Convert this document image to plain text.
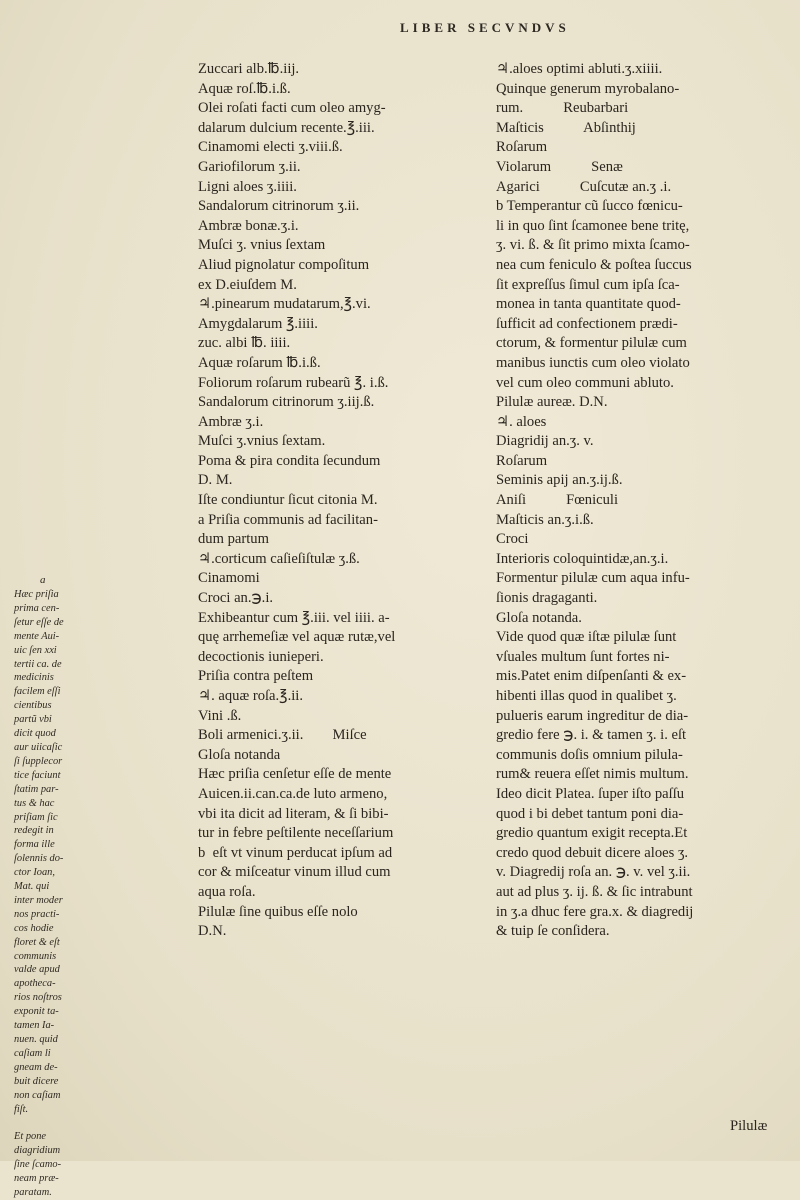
LIBER SECVNDVS
a
Hæc priſia
prima cen-
ſetur eſſe de
mente Aui-
uic ſen xxi
tertii ca. de
medicinis
facilem eſſi
cientibus
partũ vbi
dicit quod
aur uiicaſic
ſi ſupplecor
tice faciunt
ſtatim par-
tus & hac
priſiam ſic
redegit in
forma ille
ſolennis do-
ctor Ioan,
Mat. qui
inter moder
nos practi-
cos hodie
floret & eſt
communis
valde apud
apotheca-
rios noſtros
exponit ta-
tamen Ia-
nuen. quid
caſiam li
gneam de-
buit dicere
non caſiam
fiſt.

Et pone
diagridium
ſine ſcamo-
neam præ-
paratam.
Zuccari alb.℔.iij.
Aquæ roſ.℔.i.ß.
Olei roſati facti cum oleo amyg-
dalarum dulcium recente.℥.iii.
Cinamomi electi ʒ.viii.ß.
Gariofilorum ʒ.ii.
Ligni aloes ʒ.iiii.
Sandalorum citrinorum ʒ.ii.
Ambræ bonæ.ʒ.i.
Muſci ʒ. vnius ſextam
Aliud pignolatur compoſitum
ex D.eiuſdem M.
♃.pinearum mudatarum,℥.vi.
Amygdalarum ℥.iiii.
zuc. albi ℔. iiii.
Aquæ roſarum ℔.i.ß.
Foliorum roſarum rubearũ ℥. i.ß.
Sandalorum citrinorum ʒ.iij.ß.
Ambræ ʒ.i.
Muſci ʒ.vnius ſextam.
Poma & pira condita ſecundum
D. M.
Iſte condiuntur ſicut citonia M.
a Priſia communis ad facilitan-
dum partum
♃.corticum caſieſiſtulæ ʒ.ß.
Cinamomi
Croci an.℈.i.
Exhibeantur cum ℥.iii. vel iiii. a-
quę arrhemeſiæ vel aquæ rutæ,vel
decoctionis iunieperi.
Priſia contra peſtem
♃. aquæ roſa.℥.ii.
Vini .ß.
Boli armenici.ʒ.ii.        Miſce
Gloſa notanda
Hæc priſia cenſetur eſſe de mente
Auicen.ii.can.ca.de luto armeno,
vbi ita dicit ad literam, & ſi bibi-
tur in febre peſtilente neceſſarium
b  eſt vt vinum perducat ipſum ad
cor & miſceatur vinum illud cum
aqua roſa.
Pilulæ ſine quibus eſſe nolo
D.N.
♃.aloes optimi abluti.ʒ.xiiii.
Quinque generum myrobalano-
rum.           Reubarbari
Maſticis           Abſinthij
Roſarum
Violarum           Senæ
Agarici           Cuſcutæ an.ʒ .i.
b Temperantur cũ ſucco fœnicu-
li in quo ſint ſcamonee bene tritę,
ʒ. vi. ß. & ſit primo mixta ſcamo-
nea cum feniculo & poſtea ſuccus
ſit expreſſus ſimul cum ipſa ſca-
monea in tanta quantitate quod-
ſufficit ad confectionem prædi-
ctorum, & formentur pilulæ cum
manibus iunctis cum oleo violato
vel cum oleo communi abluto.
Pilulæ aureæ. D.N.
♃. aloes
Diagridij an.ʒ. v.
Roſarum
Seminis apij an.ʒ.ij.ß.
Aniſi           Fœniculi
Maſticis an.ʒ.i.ß.
Croci
Interioris coloquintidæ,an.ʒ.i.
Formentur pilulæ cum aqua infu-
ſionis dragaganti.
Gloſa notanda.
Vide quod quæ iſtæ pilulæ ſunt
vſuales multum ſunt fortes ni-
mis.Patet enim diſpenſanti & ex-
hibenti illas quod in qualibet ʒ.
pulueris earum ingreditur de dia-
gredio fere ℈. i. & tamen ʒ. i. eſt
communis doſis omnium pilula-
rum& reuera eſſet nimis multum.
Ideo dicit Platea. ſuper iſto paſſu
quod i bi debet tantum poni dia-
gredio quantum exigit recepta.Et
credo quod debuit dicere aloes ʒ.
v. Diagredij roſa an. ℈. v. vel ʒ.ii.
aut ad plus ʒ. ij. ß. & ſic intrabunt
in ʒ.a dhuc fere gra.x. & diagredij
& tuip ſe conſidera.
Pilulæ
